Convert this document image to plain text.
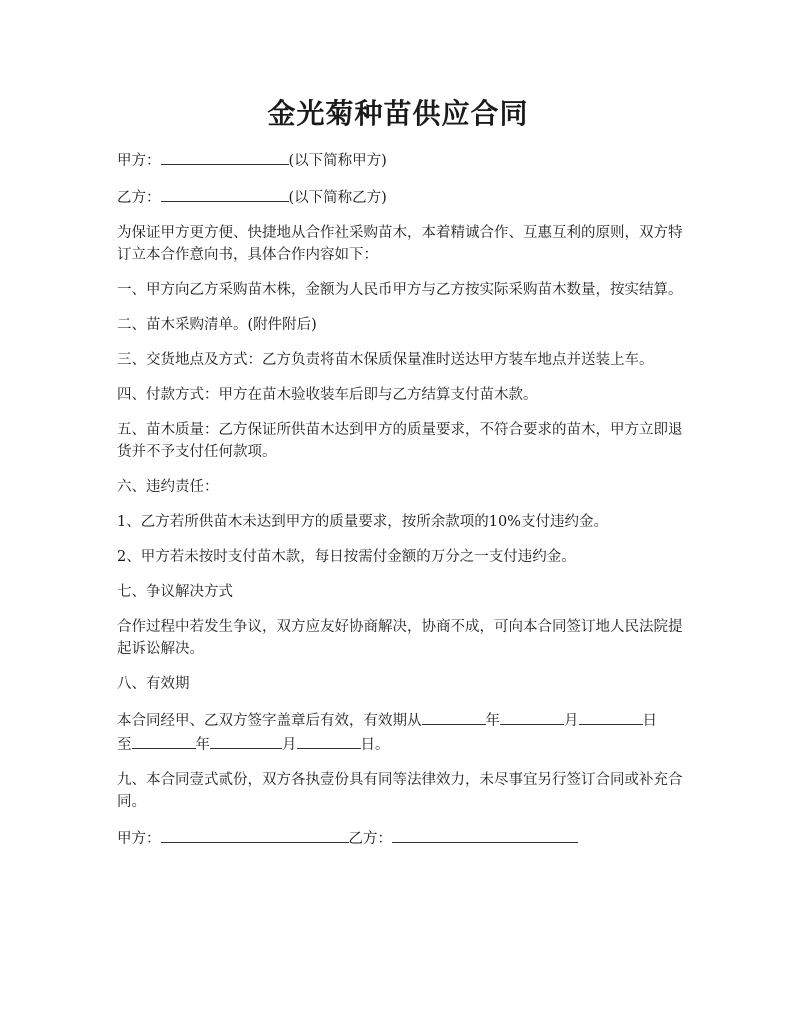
金光菊种苗供应合同

甲方：	(以下简称甲方)

乙方：	(以下简称乙方)

为保证甲方更方便、快捷地从合作社采购苗木，本着精诚合作、互惠互利的原则，双方特订立本合作意向书，具体合作内容如下：

一、甲方向乙方采购苗木株，金额为人民币甲方与乙方按实际采购苗木数量，按实结算。

二、苗木采购清单。(附件附后)

三、交货地点及方式：乙方负责将苗木保质保量准时送达甲方装车地点并送装上车。

四、付款方式：甲方在苗木验收装车后即与乙方结算支付苗木款。

五、苗木质量：乙方保证所供苗木达到甲方的质量要求，不符合要求的苗木，甲方立即退货并不予支付任何款项。

六、违约责任：

1、乙方若所供苗木未达到甲方的质量要求，按所余款项的10%支付违约金。

2、甲方若未按时支付苗木款，每日按需付金额的万分之一支付违约金。

七、争议解决方式

合作过程中若发生争议，双方应友好协商解决，协商不成，可向本合同签订地人民法院提起诉讼解决。

八、有效期

本合同经甲、乙双方签字盖章后有效，有效期从	年	月	日
至	年	月	日。

九、本合同壹式贰份，双方各执壹份具有同等法律效力，未尽事宜另行签订合同或补充合同。

甲方：	乙方：
